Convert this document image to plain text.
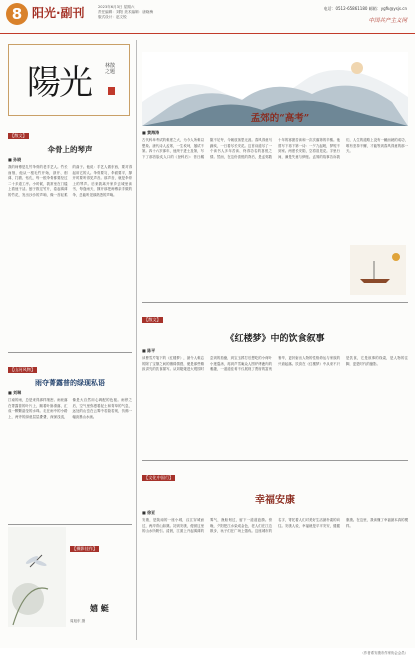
8 阳光·副刊	2023年6月3日 星期六
责任编辑：刘阳 美术编辑：唐晓梅
版式设计：赵文锐
电话：0512-65861180 邮箱：ygfk@ysjs.cn
中国共产主义网
陽光	林散之题
【散文】
伞骨上的琴声
■ 孙晓
我的师傅是扎竹伞骨的老手艺人。竹长而细，他从一根毛竹开始，剖开、削薄、打磨、钻孔，每一根伞骨都要经过二十多道工序。小时候，我常坐在门槛上看他干活。刨子推过竹片，卷起薄薄的竹花，发出沙沙的声响，像一首轻柔的曲子。他说：手艺人做东西，要对得起用它的人。伞骨要匀，伞面要平，撑开时要听得见声音。那声音，就是伞骨上的琴声。后来我离开家乡去城里读书，每逢雨天，撑开那把师傅亲手做的伞，总能听见那熟悉的声响。
【山河风物】
雨夺菁露普的绿现私语
■ 刘琳
江南的雨，总是来得那样细密。雨丝落在菁露普的叶片上，顺着叶脉滑落，汇成一颗颗晶莹的水珠。走在雨中的小路上，两旁的绿意层层叠叠，深深浅浅，像是大自然用心调配的色板。雨停之后，空气里弥漫着泥土和青草的气息，远处的山峦在云雾中若隐若现，仿佛一幅淡墨山水画。
【摄影佳作】
嬉 蜓
周旭东 摄
孟郊的“高考”
■ 黄海涛
古代科举考试的难度之大，为今人所难以想象。唐代诗人孟郊，一生坎坷，屡试不第。四十六岁那年，他终于进士及第，写下了那首脍炙人口的《登科后》：昔日龌龊不足夸，今朝放荡思无涯。春风得意马蹄疾，一日看尽长安花。这首诗道尽了一个读书人多年苦读、终得功名的喜悦之情。然而，在这份喜悦的背后，是孟郊数十年的寒窗苦读和一次次落第的辛酸。他曾写下再下第一诗：一夕九起嗟，梦短不到家。两度长安陌，空将泪见花。字里行间，满是失意与惆怅。孟郊的故事告诉我们，人生的道路上没有一蹴而就的成功，唯有坚持不懈，才能等到春风得意的那一天。
【散文】
《红楼梦》中的饮食叙事
■ 陈平
读曹雪芹笔下的《红楼梦》，最令人难忘的除了宝黛之间的缠绵情感，便是那些精致讲究的饮食描写。从刘姥姥进大观园时尝到的茄鲞，到宝玉挨打后想吃的小荷叶小莲蓬汤，再到芦雪庵众人围炉烤鹿肉的雅趣，一道道佳肴不仅展现了贾府的富贵奢华，更折射出人物的性格命运与家族的兴衰起落。饮食在《红楼梦》中从来不只是饮食，它是叙事的线索，是人物的注脚，更是时代的缩影。
【文化中国行】
幸福安康
■ 徐亚
安康，是陕南的一座小城，汉江穿城而过，两岸青山如黛。初到安康，便被这里的山水所吸引。清晨，江面上升起薄薄的雾气，渔船划过，留下一道道涟漪。傍晚，夕阳把江水染成金色，老人们在江边散步，孩子们在广场上嬉戏。这座城市的名字，寄托着人们对美好生活最朴素的向往。安康人说，幸福就是平平安安，健健康康。在这里，我读懂了幸福最本真的模样。
（作者系安康市作家协会会员）
